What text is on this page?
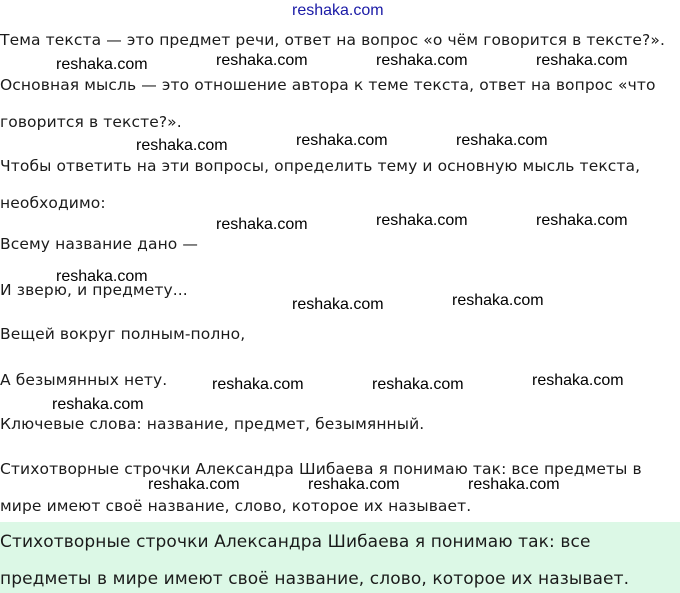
reshaka.com
Тема текста — это предмет речи, ответ на вопрос «о чём говорится в тексте?».
Основная мысль — это отношение автора к теме текста, ответ на вопрос «что
говорится в тексте?».
Чтобы ответить на эти вопросы, определить тему и основную мысль текста,
необходимо:
Всему название дано —
И зверю, и предмету...
Вещей вокруг полным-полно,
А безымянных нету.
Ключевые слова: название, предмет, безымянный.
Стихотворные строчки Александра Шибаева я понимаю так: все предметы в
мире имеют своё название, слово, которое их называет.
Стихотворные строчки Александра Шибаева я понимаю так: все
предметы в мире имеют своё название, слово, которое их называет.
reshaka.com	reshaka.com	reshaka.com	reshaka.com
reshaka.com	reshaka.com	reshaka.com
reshaka.com	reshaka.com	reshaka.com
reshaka.com
reshaka.com	reshaka.com
reshaka.com	reshaka.com	reshaka.com
reshaka.com
reshaka.com	reshaka.com	reshaka.com
